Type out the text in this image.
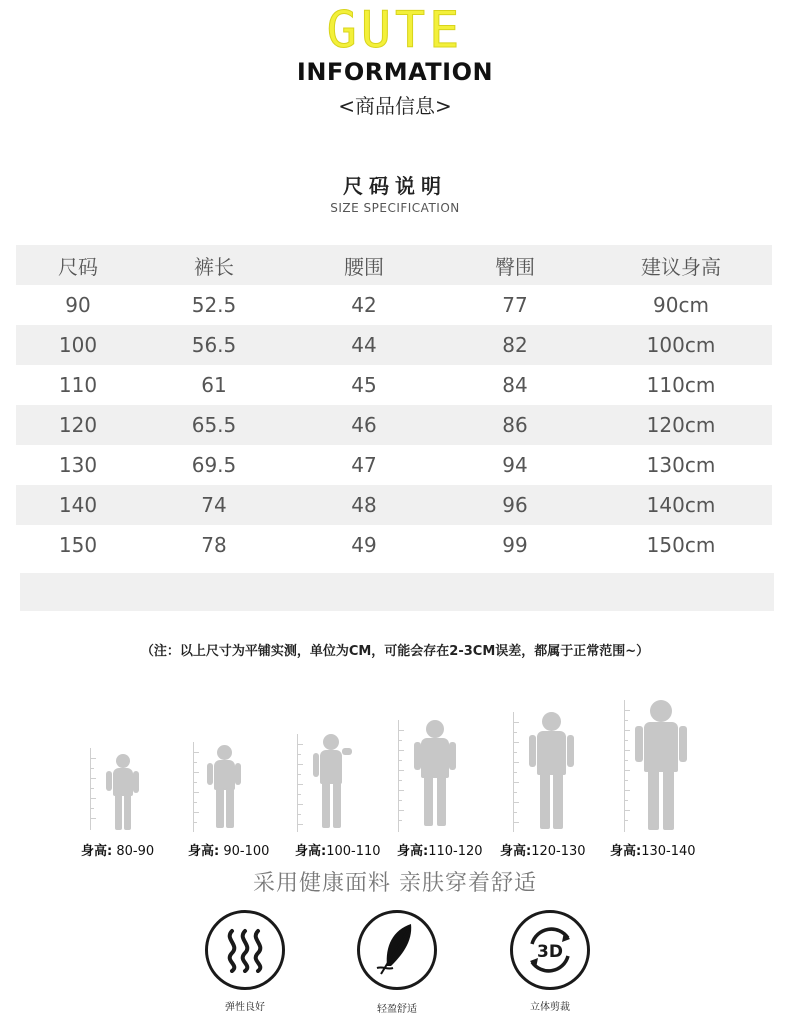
GUTE
INFORMATION
<商品信息>
尺码说明
SIZE SPECIFICATION
尺码	裤长	腰围	臀围	建议身高
90	52.5	42	77	90cm
100	56.5	44	82	100cm
110	61	45	84	110cm
120	65.5	46	86	120cm
130	69.5	47	94	130cm
140	74	48	96	140cm
150	78	49	99	150cm
（注：以上尺寸为平铺实测，单位为CM，可能会存在2-3CM误差，都属于正常范围~）
身高: 80-90	身高: 90-100 身高:100-110 身高:110-120 身高:120-130 身高:130-140
采用健康面料 亲肤穿着舒适
3D
弹性良好	轻盈舒适	立体剪裁
